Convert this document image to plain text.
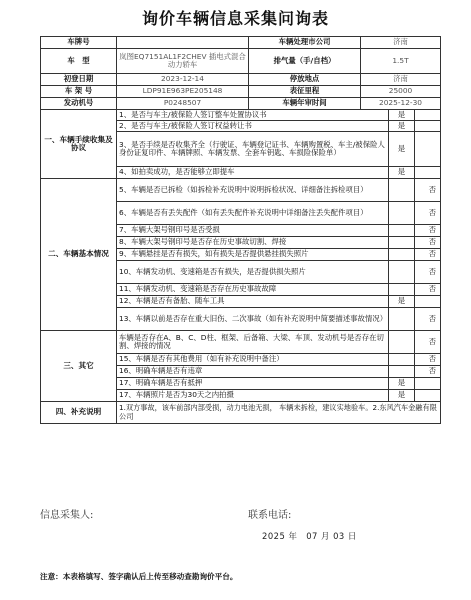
询价车辆信息采集问询表
车牌号		车辆处理市公司	济南		
车　型	岚图EQ7151AL1F2CHEV 插电式混合动力轿车	排气量（手/自档）	1.5T		
初登日期	2023-12-14	停放地点	济南		
车 架 号	LDP91E963PE205148	表征里程	25000		
发动机号	P0248507	车辆年审时间	2025-12-30		
一、车辆手续收集及协议	1、是否与车主/被保险人签订整车处置协议书			是	
	2、是否与车主/被保险人签订权益转让书			是	
	3、是否手续是否收集齐全（行驶证、车辆登记证书、车辆购置税、车主/被保险人身份证复印件、车辆牌照、车辆发票、全套车钥匙、车损险保险单）			是	
	4、如拍卖成功，是否能够立即提车			是	
二、车辆基本情况	5、车辆是否已拆检（如拆检补充说明中说明拆检状况、详细备注拆检项目）				否
	6、车辆是否有丢失配件（如有丢失配件补充说明中详细备注丢失配件项目）				否
	7、车辆大架号钢印号是否受损				否
	8、车辆大架号钢印号是否存在历史事故切割、焊接				否
	9、车辆悬挂是否有损失，如有损失是否提供悬挂损失照片				否
	10、车辆发动机、变速箱是否有损失，是否提供损失照片				否
	11、车辆发动机、变速箱是否存在历史事故故障				否
	12、车辆是否有备胎、随车工具			是	
	13、车辆以前是否存在重大旧伤、二次事故（如有补充说明中简要描述事故情况）				否
三、其它	车辆是否存在A、B、C、D柱、框架、后备箱、大梁、车顶、发动机号是否存在切割、焊接的情况				否
	15、车辆是否有其他费用（如有补充说明中备注）				否
	16、明确车辆是否有违章				否
	17、明确车辆是否有抵押			是	
	17、车辆照片是否为30天之内拍摄			是	
四、补充说明	1.双方事故，该车前部内部受损，动力电池无损， 车辆未拆检，建议实地验车。2.东风汽车金融有限公司				
信息采集人:	联系电话:
2025 年　07 月 03 日
注意：本表格填写、签字确认后上传至移动查勘询价平台。
